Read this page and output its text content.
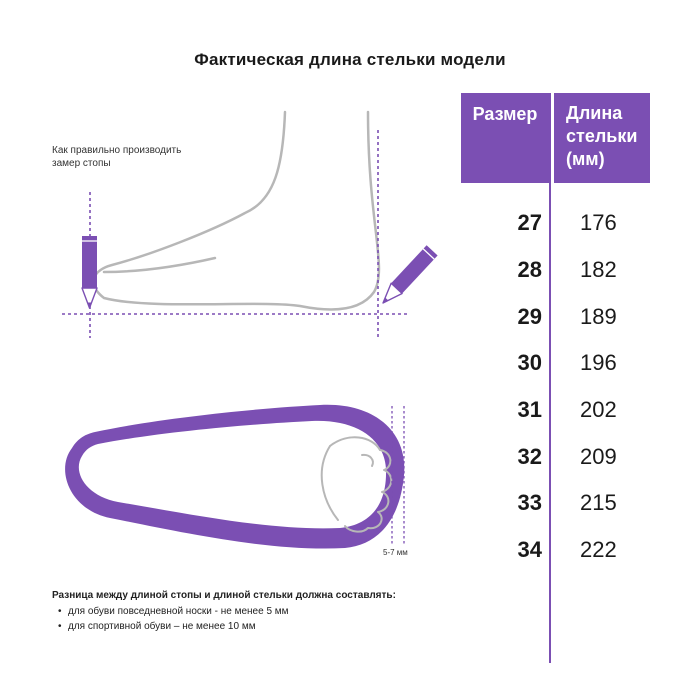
Фактическая длина стельки модели
Как правильно производить
замер стопы
5-7 мм
Размер	Длина
стельки
(мм)
27 176
28 182
29 189
30 196
31 202
32 209
33 215
34 222
Разница между длиной стопы и длиной стельки должна составлять:
• для обуви повседневной носки - не менее 5 мм
• для спортивной обуви – не менее 10 мм
